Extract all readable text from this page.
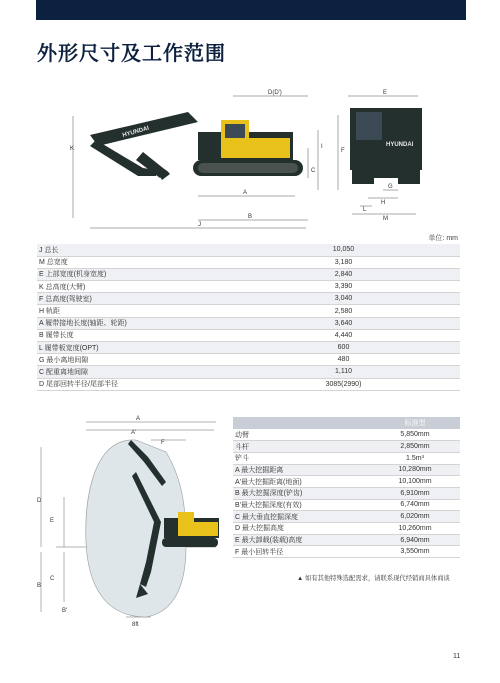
外形尺寸及工作范围
HYUNDAI
HYUNDAI
D(D')
K
A
B
J
I
C
F
E
G
H
L
M
单位: mm
J 总长	10,050
M 总宽度	3,180
E 上部宽度(机身宽度)	2,840
K 总高度(大臂)	3,390
F 总高度(驾驶室)	3,040
H 轨距	2,580
A 履带接地长度(轴距、轮距)	3,640
B 履带长度	4,440
L 履带板宽度(OPT)	600
G 最小离地间隙	480
C 配重离地间隙	1,110
D 尾部回转半径/尾部半径	3085(2990)
A
A'
F
D
E
B
C
B'
8ft
	标准型
动臂	5,850mm
斗杆	2,850mm
铲斗	1.5m³
A 最大挖掘距离	10,280mm
A'最大挖掘距离(地面)	10,100mm
B 最大挖掘深度(铲齿)	6,910mm
B'最大挖掘深度(有效)	6,740mm
C 最大垂直挖掘深度	6,020mm
D 最大挖掘高度	10,260mm
E 最大卸载(装载)高度	6,940mm
F 最小回转半径	3,550mm
▲ 如有其他特殊选配需求，请联系现代经销商具体商谈
11
